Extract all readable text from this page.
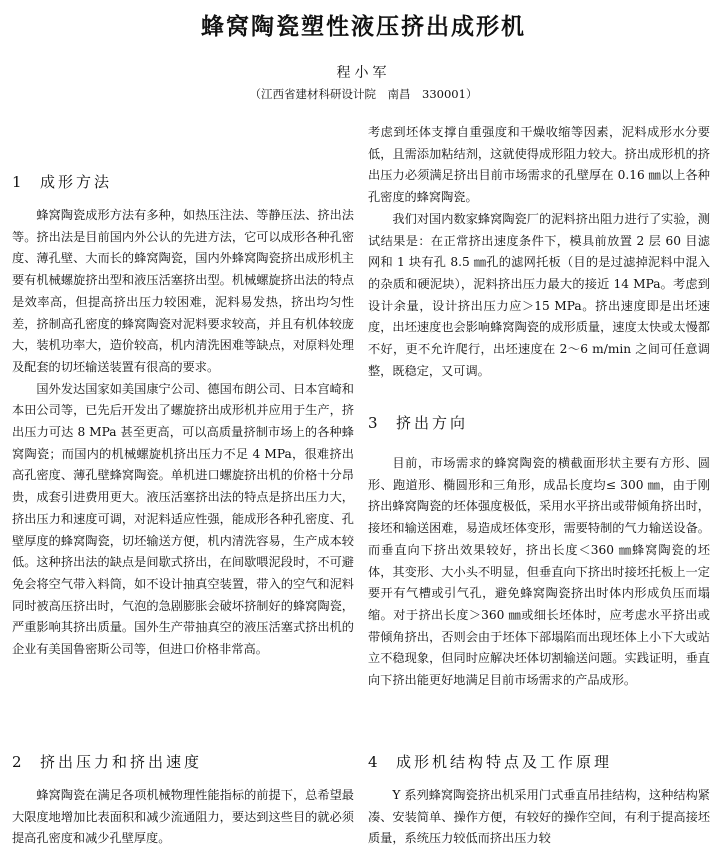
蜂窝陶瓷塑性液压挤出成形机
程小军
（江西省建材科研设计院　南昌　330001）
1 成形方法

蜂窝陶瓷成形方法有多种，如热压注法、等静压法、挤出法等。挤出法是目前国内外公认的先进方法，它可以成形各种孔密度、薄孔壁、大而长的蜂窝陶瓷，国内外蜂窝陶瓷挤出成形机主要有机械螺旋挤出型和液压活塞挤出型。机械螺旋挤出法的特点是效率高，但提高挤出压力较困难，泥料易发热，挤出均匀性差，挤制高孔密度的蜂窝陶瓷对泥料要求较高，并且有机体较庞大，装机功率大，造价较高，机内清洗困难等缺点，对原料处理及配套的切坯输送装置有很高的要求。

国外发达国家如美国康宁公司、德国布朗公司、日本宫崎和本田公司等，已先后开发出了螺旋挤出成形机并应用于生产，挤出压力可达 8 MPa 甚至更高，可以高质量挤制市场上的各种蜂窝陶瓷；而国内的机械螺旋机挤出压力不足 4 MPa，很难挤出高孔密度、薄孔壁蜂窝陶瓷。单机进口螺旋挤出机的价格十分昂贵，成套引进费用更大。液压活塞挤出法的特点是挤出压力大，挤出压力和速度可调，对泥料适应性强，能成形各种孔密度、孔壁厚度的蜂窝陶瓷，切坯输送方便，机内清洗容易，生产成本较低。这种挤出法的缺点是间歇式挤出，在间歇喂泥段时，不可避免会将空气带入料筒，如不设计抽真空装置，带入的空气和泥料同时被高压挤出时，气泡的急剧膨胀会破坏挤制好的蜂窝陶瓷，严重影响其挤出质量。国外生产带抽真空的液压活塞式挤出机的企业有美国鲁密斯公司等，但进口价格非常高。

2 挤出压力和挤出速度

蜂窝陶瓷在满足各项机械物理性能指标的前提下，总希望最大限度地增加比表面积和减少流通阻力，要达到这些目的就必须提高孔密度和减少孔壁厚度。

考虑到坯体支撑自重强度和干燥收缩等因素，泥料成形水分要低，且需添加粘结剂，这就使得成形阻力较大。挤出成形机的挤出压力必须满足挤出目前市场需求的孔壁厚在 0.16 ㎜以上各种孔密度的蜂窝陶瓷。

我们对国内数家蜂窝陶瓷厂的泥料挤出阻力进行了实验，测试结果是：在正常挤出速度条件下，模具前放置 2 层 60 目滤网和 1 块有孔 8.5 ㎜孔的滤网托板（目的是过滤掉泥料中混入的杂质和硬泥块），泥料挤出压力最大的接近 14 MPa。考虑到设计余量，设计挤出压力应＞15 MPa。挤出速度即是出坯速度，出坯速度也会影响蜂窝陶瓷的成形质量，速度太快或太慢都不好，更不允许爬行，出坯速度在 2～6 m/min 之间可任意调整，既稳定，又可调。

3 挤出方向

目前，市场需求的蜂窝陶瓷的横截面形状主要有方形、圆形、跑道形、椭圆形和三角形，成品长度均≤ 300 ㎜，由于刚挤出蜂窝陶瓷的坯体强度极低，采用水平挤出或带倾角挤出时，接坯和输送困难，易造成坯体变形，需要特制的气力输送设备。而垂直向下挤出效果较好，挤出长度＜360 ㎜蜂窝陶瓷的坯体，其变形、大小头不明显，但垂直向下挤出时接坯托板上一定要开有气槽或引气孔，避免蜂窝陶瓷挤出时体内形成负压而塌缩。对于挤出长度＞360 ㎜或细长坯体时，应考虑水平挤出或带倾角挤出，否则会由于坯体下部塌陷而出现坯体上小下大或站立不稳现象，但同时应解决坯体切割输送问题。实践证明，垂直向下挤出能更好地满足目前市场需求的产品成形。

4 成形机结构特点及工作原理

Y 系列蜂窝陶瓷挤出机采用门式垂直吊挂结构，这种结构紧凑、安装简单、操作方便，有较好的操作空间，有利于提高接坯质量，系统压力较低而挤出压力较
